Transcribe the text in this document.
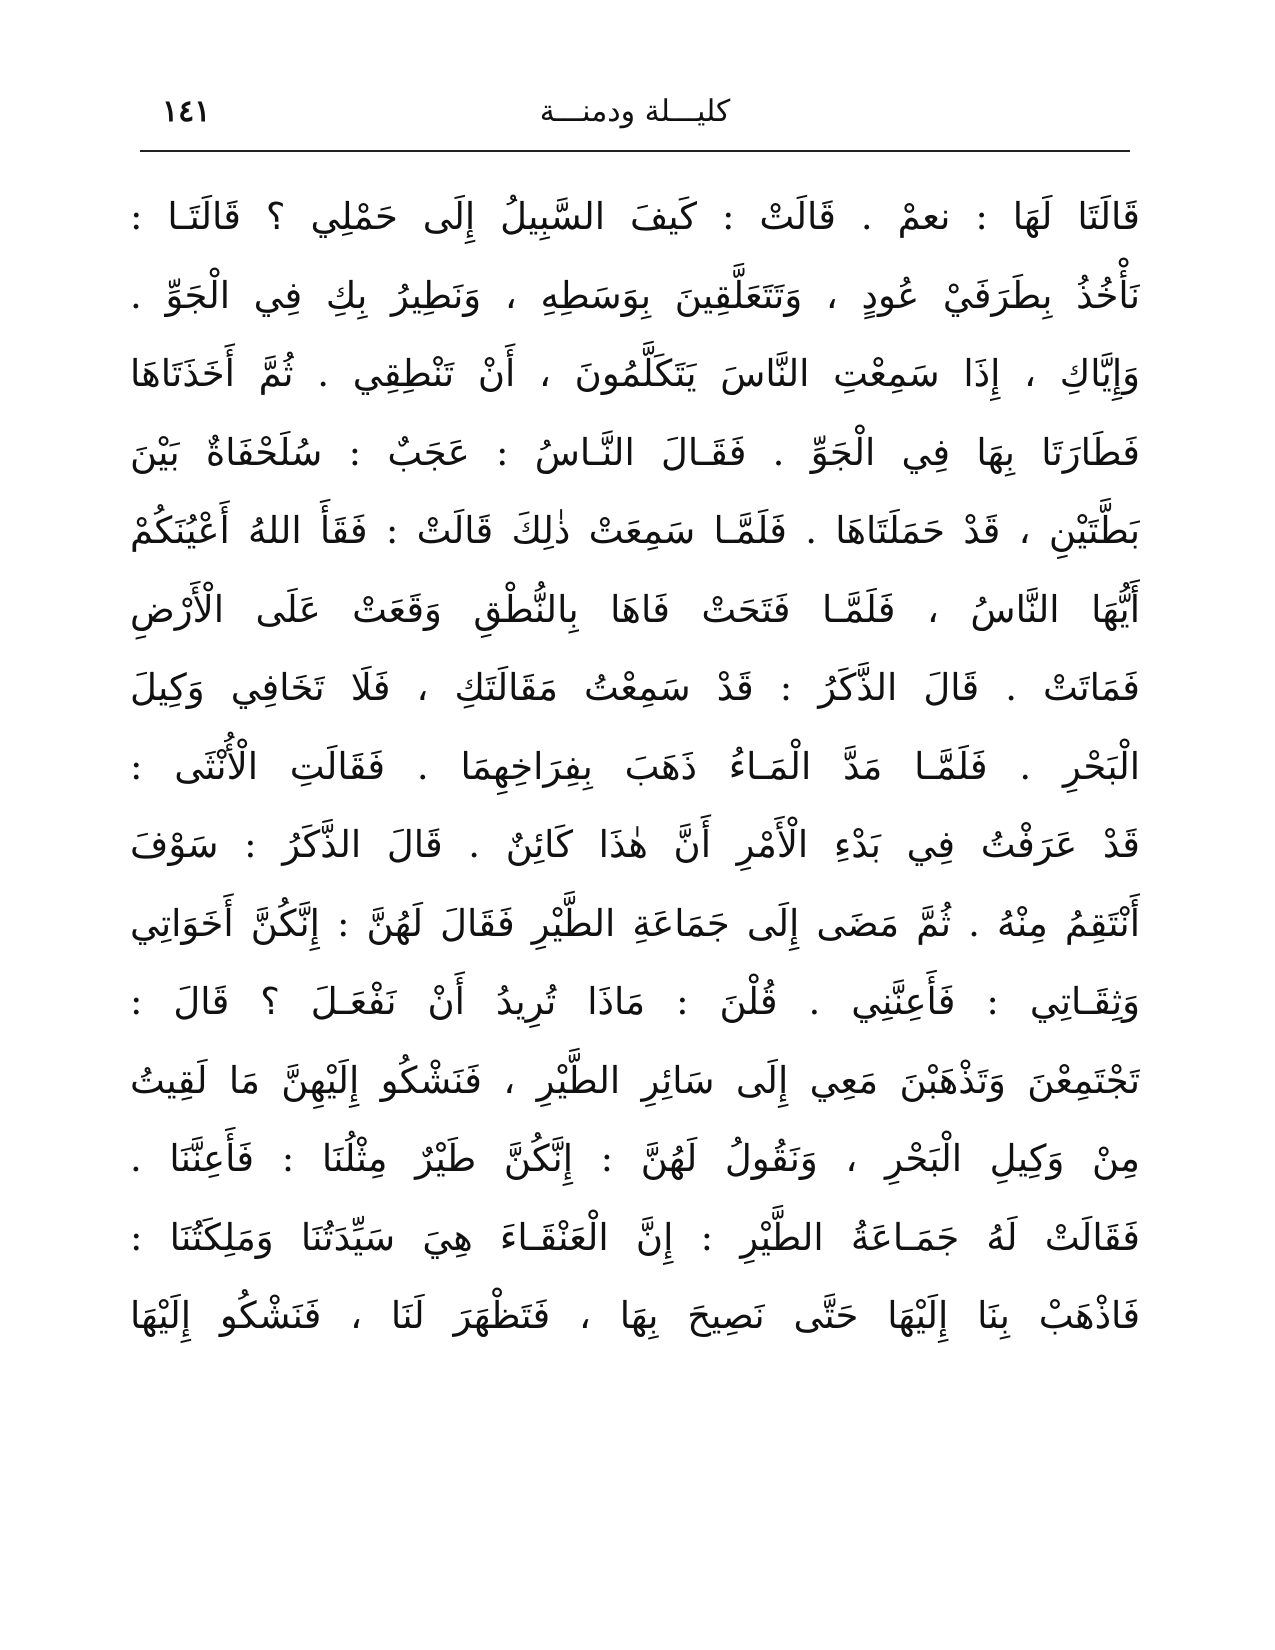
كليـــلة ودمنـــة
١٤١
قَالَتَا لَهَا : نعمْ . قَالَتْ : كَيفَ السَّبِيلُ إِلَى حَمْلِي ؟ قَالَتَـا :
نَأْخُذُ بِطَرَفَيْ عُودٍ ، وَتَتَعَلَّقِينَ بِوَسَطِهِ ، وَنَطِيرُ بِكِ فِي الْجَوِّ .
وَإِيَّاكِ ، إِذَا سَمِعْتِ النَّاسَ يَتَكَلَّمُونَ ، أَنْ تَنْطِقِي . ثُمَّ أَخَذَتَاهَا
فَطَارَتَا بِهَا فِي الْجَوِّ . فَقَـالَ النَّـاسُ : عَجَبٌ : سُلَحْفَاةٌ بَيْنَ
بَطَّتَيْنِ ، قَدْ حَمَلَتَاهَا . فَلَمَّـا سَمِعَتْ ذٰلِكَ قَالَتْ : فَقَأَ اللهُ أَعْيُنَكُمْ
أَيُّهَا النَّاسُ ، فَلَمَّـا فَتَحَتْ فَاهَا بِالنُّطْقِ وَقَعَتْ عَلَى الْأَرْضِ
فَمَاتَتْ . قَالَ الذَّكَرُ : قَدْ سَمِعْتُ مَقَالَتَكِ ، فَلَا تَخَافِي وَكِيلَ
الْبَحْرِ . فَلَمَّـا مَدَّ الْمَـاءُ ذَهَبَ بِفِرَاخِهِمَا . فَقَالَتِ الْأُنْثَى :
قَدْ عَرَفْتُ فِي بَدْءِ الْأَمْرِ أَنَّ هٰذَا كَائِنٌ . قَالَ الذَّكَرُ : سَوْفَ
أَنْتَقِمُ مِنْهُ . ثُمَّ مَضَى إِلَى جَمَاعَةِ الطَّيْرِ فَقَالَ لَهُنَّ : إِنَّكُنَّ أَخَوَاتِي
وَثِقَـاتِي : فَأَعِنَّنِي . قُلْنَ : مَاذَا تُرِيدُ أَنْ نَفْعَـلَ ؟ قَالَ :
تَجْتَمِعْنَ وَتَذْهَبْنَ مَعِي إِلَى سَائِرِ الطَّيْرِ ، فَنَشْكُو إِلَيْهِنَّ مَا لَقِيتُ
مِنْ وَكِيلِ الْبَحْرِ ، وَنَقُولُ لَهُنَّ : إِنَّكُنَّ طَيْرٌ مِثْلُنَا : فَأَعِنَّنَا .
فَقَالَتْ لَهُ جَمَـاعَةُ الطَّيْرِ : إِنَّ الْعَنْقَـاءَ هِيَ سَيِّدَتُنَا وَمَلِكَتُنَا :
فَاذْهَبْ بِنَا إِلَيْهَا حَتَّى نَصِيحَ بِهَا ، فَتَظْهَرَ لَنَا ، فَنَشْكُو إِلَيْهَا
